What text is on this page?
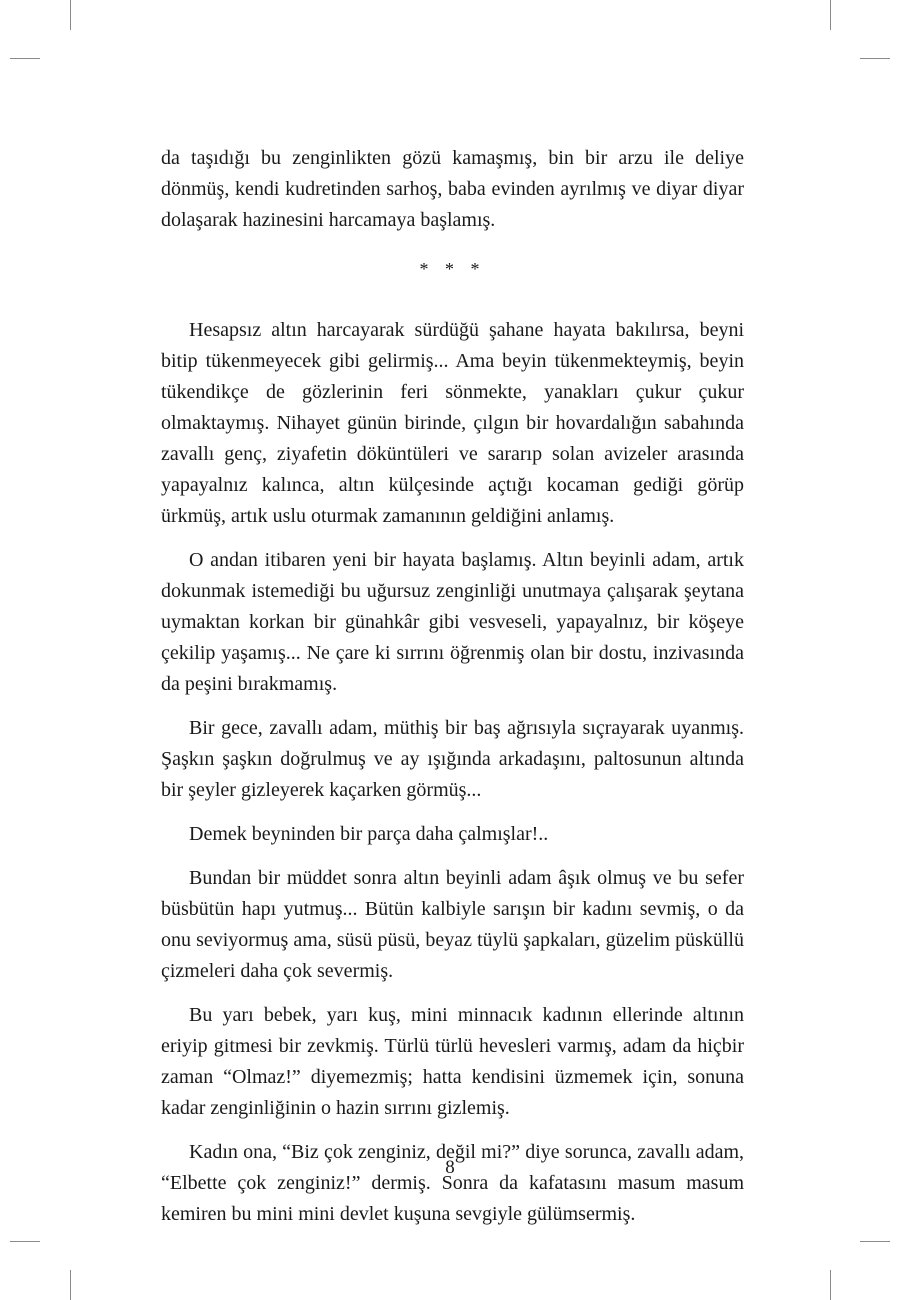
da taşıdığı bu zenginlikten gözü kamaşmış, bin bir arzu ile deliye dönmüş, kendi kudretinden sarhoş, baba evinden ayrılmış ve diyar diyar dolaşarak hazinesini harcamaya başlamış.

* * *

Hesapsız altın harcayarak sürdüğü şahane hayata bakılırsa, beyni bitip tükenmeyecek gibi gelirmiş... Ama beyin tükenmekteymiş, beyin tükendikçe de gözlerinin feri sönmekte, yanakları çukur çukur olmaktaymış. Nihayet günün birinde, çılgın bir hovardalığın sabahında zavallı genç, ziyafetin döküntüleri ve sararıp solan avizeler arasında yapayalnız kalınca, altın külçesinde açtığı kocaman gediği görüp ürkmüş, artık uslu oturmak zamanının geldiğini anlamış.

O andan itibaren yeni bir hayata başlamış. Altın beyinli adam, artık dokunmak istemediği bu uğursuz zenginliği unutmaya çalışarak şeytana uymaktan korkan bir günahkâr gibi vesveseli, yapayalnız, bir köşeye çekilip yaşamış... Ne çare ki sırrını öğrenmiş olan bir dostu, inzivasında da peşini bırakmamış.

Bir gece, zavallı adam, müthiş bir baş ağrısıyla sıçrayarak uyanmış. Şaşkın şaşkın doğrulmuş ve ay ışığında arkadaşını, paltosunun altında bir şeyler gizleyerek kaçarken görmüş...

Demek beyninden bir parça daha çalmışlar!..

Bundan bir müddet sonra altın beyinli adam âşık olmuş ve bu sefer büsbütün hapı yutmuş... Bütün kalbiyle sarışın bir kadını sevmiş, o da onu seviyormuş ama, süsü püsü, beyaz tüylü şapkaları, güzelim püsküllü çizmeleri daha çok severmiş.

Bu yarı bebek, yarı kuş, mini minnacık kadının ellerinde altının eriyip gitmesi bir zevkmiş. Türlü türlü hevesleri varmış, adam da hiçbir zaman “Olmaz!” diyemezmiş; hatta kendisini üzmemek için, sonuna kadar zenginliğinin o hazin sırrını gizlemiş.

Kadın ona, “Biz çok zenginiz, değil mi?” diye sorunca, zavallı adam, “Elbette çok zenginiz!” dermiş. Sonra da kafatasını masum masum kemiren bu mini mini devlet kuşuna sevgiyle gülümsermiş.

8
